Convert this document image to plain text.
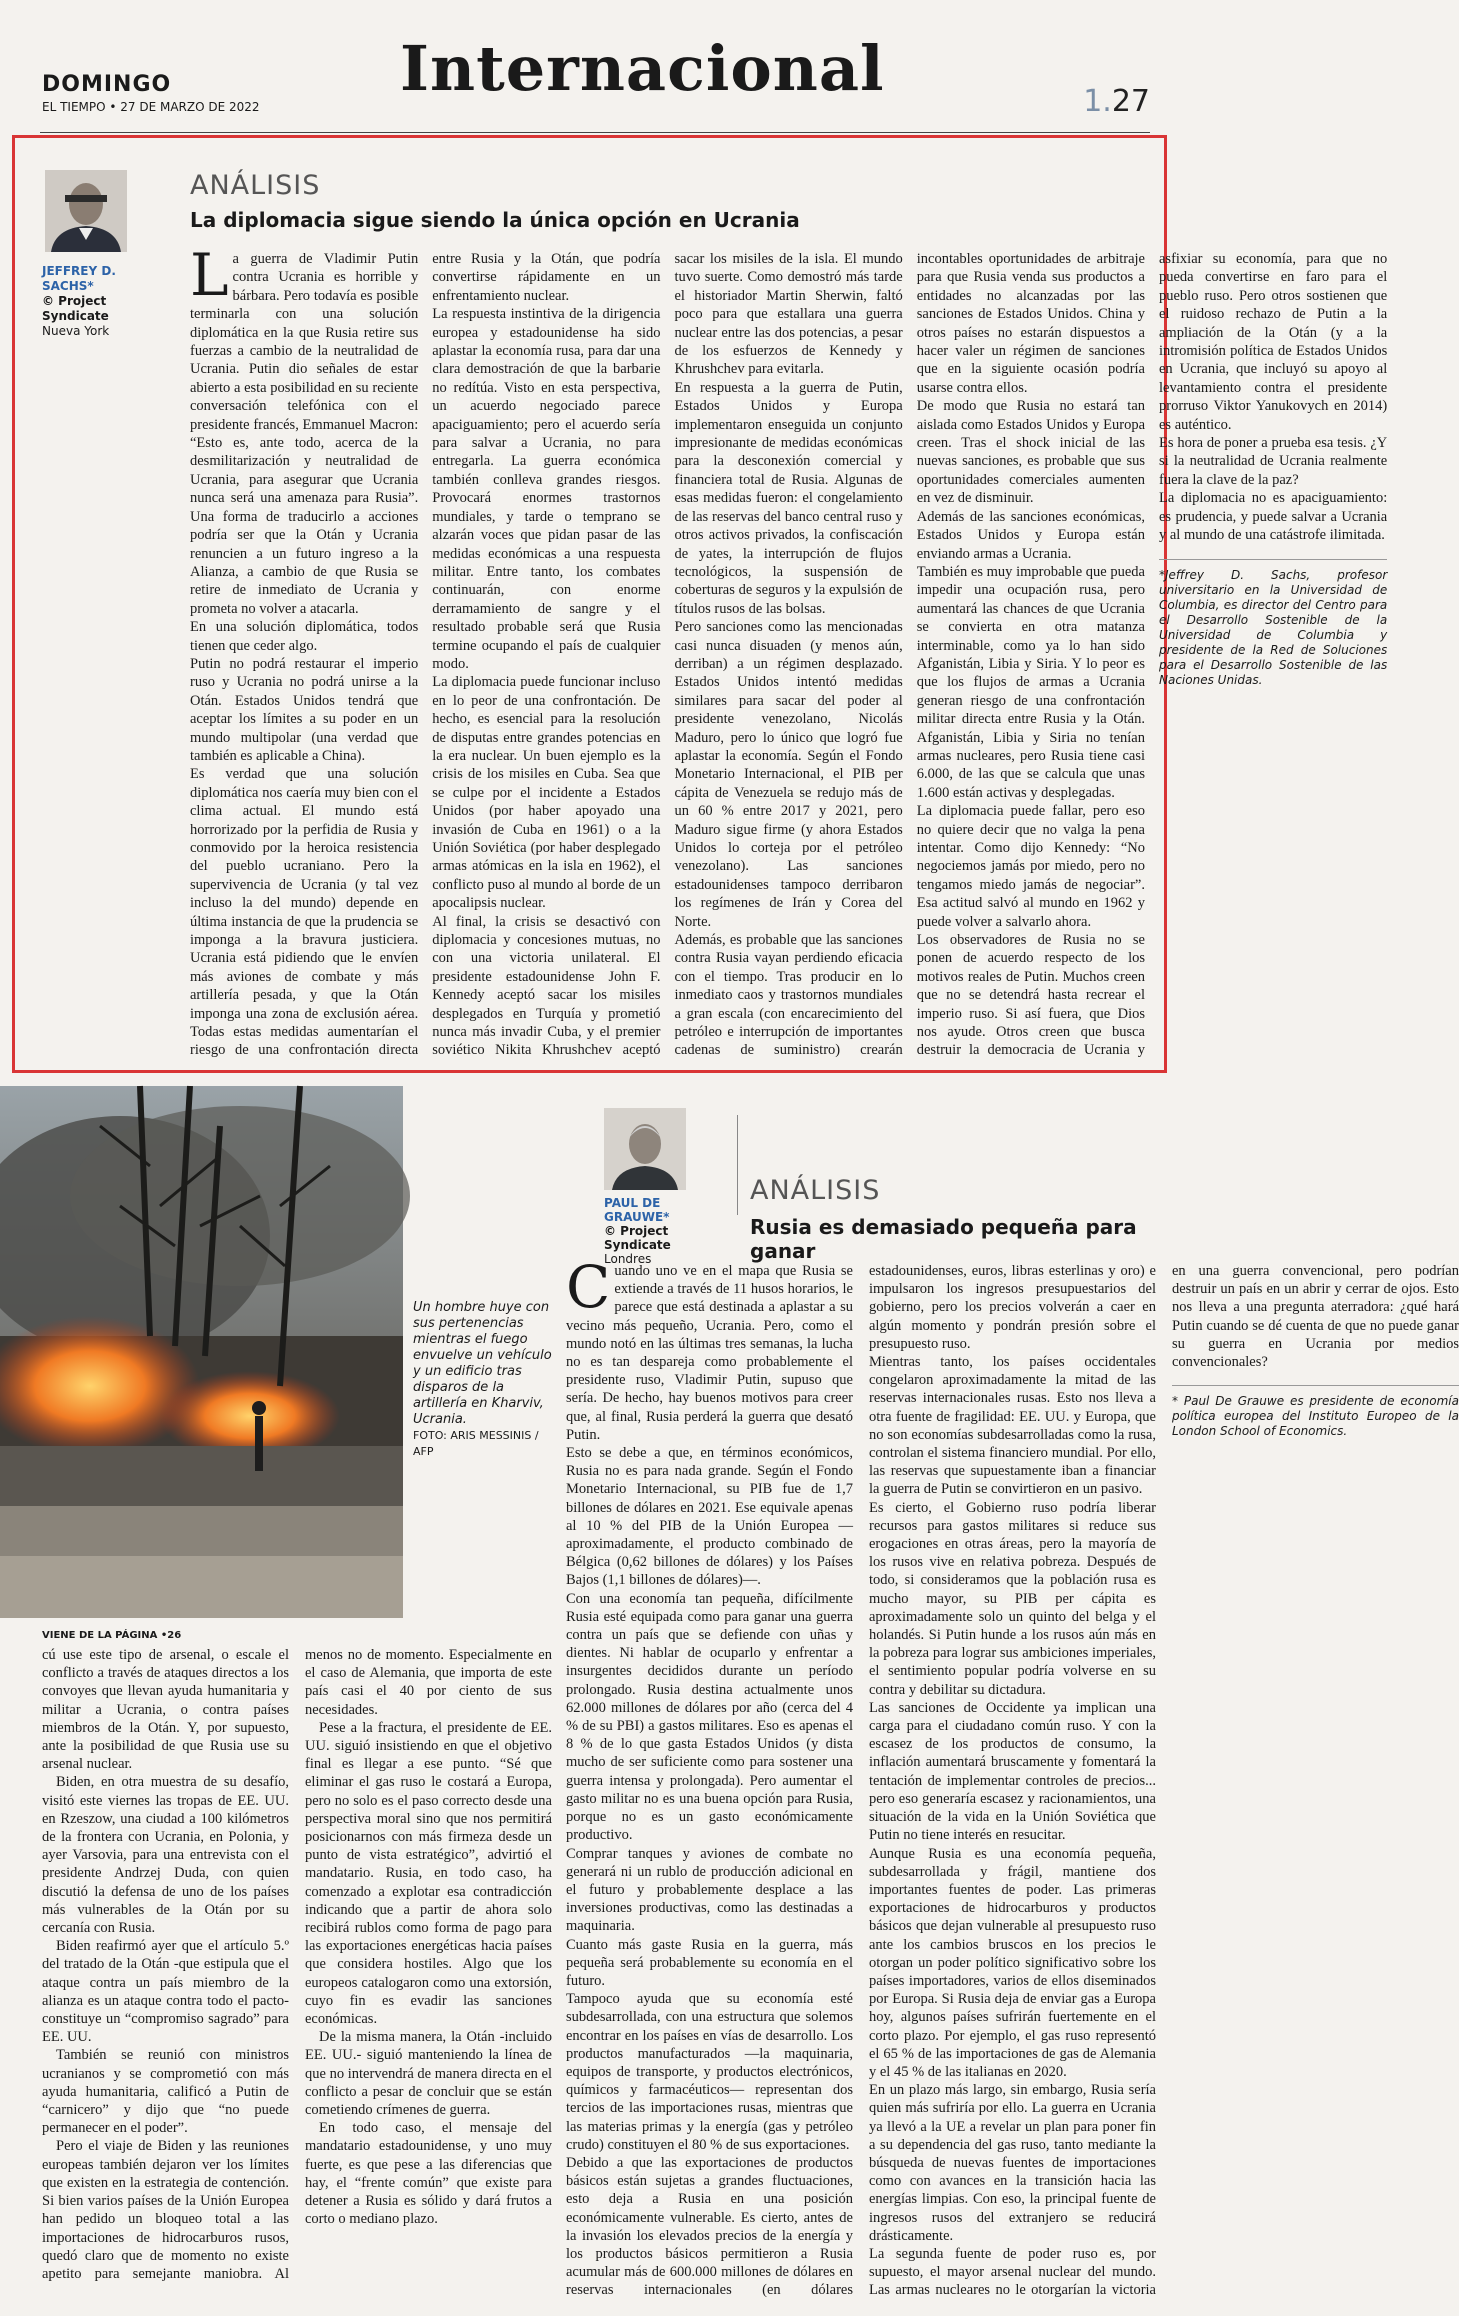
DOMINGO
EL TIEMPO • 27 DE MARZO DE 2022
Internacional	1.27
JEFFREY D. SACHS*
© Project Syndicate
Nueva York
ANÁLISIS
La diplomacia sigue siendo la única opción en Ucrania

La guerra de Vladimir Putin contra Ucrania es horrible y bárbara. Pero todavía es posible terminarla con una solución diplomática en la que Rusia retire sus fuerzas a cambio de la neutralidad de Ucrania. Putin dio señales de estar abierto a esta posibilidad en su reciente conversación telefónica con el presidente francés, Emmanuel Macron: “Esto es, ante todo, acerca de la desmilitarización y neutralidad de Ucrania, para asegurar que Ucrania nunca será una amenaza para Rusia”. Una forma de traducirlo a acciones podría ser que la Otán y Ucrania renuncien a un futuro ingreso a la Alianza, a cambio de que Rusia se retire de inmediato de Ucrania y prometa no volver a atacarla.

En una solución diplomática, todos tienen que ceder algo.

Putin no podrá restaurar el imperio ruso y Ucrania no podrá unirse a la Otán. Estados Unidos tendrá que aceptar los límites a su poder en un mundo multipolar (una verdad que también es aplicable a China).

Es verdad que una solución diplomática nos caería muy bien con el clima actual. El mundo está horrorizado por la perfidia de Rusia y conmovido por la heroica resistencia del pueblo ucraniano. Pero la supervivencia de Ucrania (y tal vez incluso la del mundo) depende en última instancia de que la prudencia se imponga a la bravura justiciera. Ucrania está pidiendo que le envíen más aviones de combate y más artillería pesada, y que la Otán imponga una zona de exclusión aérea. Todas estas medidas aumentarían el riesgo de una confrontación directa entre Rusia y la Otán, que podría convertirse rápidamente en un enfrentamiento nuclear.

La respuesta instintiva de la dirigencia europea y estadounidense ha sido aplastar la economía rusa, para dar una clara demostración de que la barbarie no redítúa. Visto en esta perspectiva, un acuerdo negociado parece apaciguamiento; pero el acuerdo sería para salvar a Ucrania, no para entregarla. La guerra económica también conlleva grandes riesgos. Provocará enormes trastornos mundiales, y tarde o temprano se alzarán voces que pidan pasar de las medidas económicas a una respuesta militar. Entre tanto, los combates continuarán, con enorme derramamiento de sangre y el resultado probable será que Rusia termine ocupando el país de cualquier modo.

La diplomacia puede funcionar incluso en lo peor de una confrontación. De hecho, es esencial para la resolución de disputas entre grandes potencias en la era nuclear. Un buen ejemplo es la crisis de los misiles en Cuba. Sea que se culpe por el incidente a Estados Unidos (por haber apoyado una invasión de Cuba en 1961) o a la Unión Soviética (por haber desplegado armas atómicas en la isla en 1962), el conflicto puso al mundo al borde de un apocalipsis nuclear.

Al final, la crisis se desactivó con diplomacia y concesiones mutuas, no con una victoria unilateral. El presidente estadounidense John F. Kennedy aceptó sacar los misiles desplegados en Turquía y prometió nunca más invadir Cuba, y el premier soviético Nikita Khrushchev aceptó sacar los misiles de la isla. El mundo tuvo suerte. Como demostró más tarde el historiador Martin Sherwin, faltó poco para que estallara una guerra nuclear entre las dos potencias, a pesar de los esfuerzos de Kennedy y Khrushchev para evitarla.

En respuesta a la guerra de Putin, Estados Unidos y Europa implementaron enseguida un conjunto impresionante de medidas económicas para la desconexión comercial y financiera total de Rusia. Algunas de esas medidas fueron: el congelamiento de las reservas del banco central ruso y otros activos privados, la confiscación de yates, la interrupción de flujos tecnológicos, la suspensión de coberturas de seguros y la expulsión de títulos rusos de las bolsas.

Pero sanciones como las mencionadas casi nunca disuaden (y menos aún, derriban) a un régimen desplazado. Estados Unidos intentó medidas similares para sacar del poder al presidente venezolano, Nicolás Maduro, pero lo único que logró fue aplastar la economía. Según el Fondo Monetario Internacional, el PIB per cápita de Venezuela se redujo más de un 60 % entre 2017 y 2021, pero Maduro sigue firme (y ahora Estados Unidos lo corteja por el petróleo venezolano). Las sanciones estadounidenses tampoco derribaron los regímenes de Irán y Corea del Norte.

Además, es probable que las sanciones contra Rusia vayan perdiendo eficacia con el tiempo. Tras producir en lo inmediato caos y trastornos mundiales a gran escala (con encarecimiento del petróleo e interrupción de importantes cadenas de suministro) crearán incontables oportunidades de arbitraje para que Rusia venda sus productos a entidades no alcanzadas por las sanciones de Estados Unidos. China y otros países no estarán dispuestos a hacer valer un régimen de sanciones que en la siguiente ocasión podría usarse contra ellos.

De modo que Rusia no estará tan aislada como Estados Unidos y Europa creen. Tras el shock inicial de las nuevas sanciones, es probable que sus oportunidades comerciales aumenten en vez de disminuir.

Además de las sanciones económicas, Estados Unidos y Europa están enviando armas a Ucrania.

También es muy improbable que pueda impedir una ocupación rusa, pero aumentará las chances de que Ucrania se convierta en otra matanza interminable, como ya lo han sido Afganistán, Libia y Siria. Y lo peor es que los flujos de armas a Ucrania generan riesgo de una confrontación militar directa entre Rusia y la Otán. Afganistán, Libia y Siria no tenían armas nucleares, pero Rusia tiene casi 6.000, de las que se calcula que unas 1.600 están activas y desplegadas.

La diplomacia puede fallar, pero eso no quiere decir que no valga la pena intentar. Como dijo Kennedy: “No negociemos jamás por miedo, pero no tengamos miedo jamás de negociar”. Esa actitud salvó al mundo en 1962 y puede volver a salvarlo ahora.

Los observadores de Rusia no se ponen de acuerdo respecto de los motivos reales de Putin. Muchos creen que no se detendrá hasta recrear el imperio ruso. Si así fuera, que Dios nos ayude. Otros creen que busca destruir la democracia de Ucrania y asfixiar su economía, para que no pueda convertirse en faro para el pueblo ruso. Pero otros sostienen que el ruidoso rechazo de Putin a la ampliación de la Otán (y a la intromisión política de Estados Unidos en Ucrania, que incluyó su apoyo al levantamiento contra el presidente prorruso Viktor Yanukovych en 2014) es auténtico.

Es hora de poner a prueba esa tesis. ¿Y si la neutralidad de Ucrania realmente fuera la clave de la paz?

La diplomacia no es apaciguamiento: es prudencia, y puede salvar a Ucrania y al mundo de una catástrofe ilimitada.

*Jeffrey D. Sachs, profesor universitario en la Universidad de Columbia, es director del Centro para el Desarrollo Sostenible de la Universidad de Columbia y presidente de la Red de Soluciones para el Desarrollo Sostenible de las Naciones Unidas.

Un hombre huye con sus pertenencias mientras el fuego envuelve un vehículo y un edificio tras disparos de la artillería en Kharviv, Ucrania.
FOTO: ARIS MESSINIS / AFP
PAUL DE GRAUWE*
© Project Syndicate
Londres
ANÁLISIS
Rusia es demasiado pequeña para ganar

Cuando uno ve en el mapa que Rusia se extiende a través de 11 husos horarios, le parece que está destinada a aplastar a su vecino más pequeño, Ucrania. Pero, como el mundo notó en las últimas tres semanas, la lucha no es tan despareja como probablemente el presidente ruso, Vladimir Putin, supuso que sería. De hecho, hay buenos motivos para creer que, al final, Rusia perderá la guerra que desató Putin.

Esto se debe a que, en términos económicos, Rusia no es para nada grande. Según el Fondo Monetario Internacional, su PIB fue de 1,7 billones de dólares en 2021. Ese equivale apenas al 10 % del PIB de la Unión Europea —aproximadamente, el producto combinado de Bélgica (0,62 billones de dólares) y los Países Bajos (1,1 billones de dólares)—.

Con una economía tan pequeña, difícilmente Rusia esté equipada como para ganar una guerra contra un país que se defiende con uñas y dientes. Ni hablar de ocuparlo y enfrentar a insurgentes decididos durante un período prolongado. Rusia destina actualmente unos 62.000 millones de dólares por año (cerca del 4 % de su PBI) a gastos militares. Eso es apenas el 8 % de lo que gasta Estados Unidos (y dista mucho de ser suficiente como para sostener una guerra intensa y prolongada). Pero aumentar el gasto militar no es una buena opción para Rusia, porque no es un gasto económicamente productivo.

Comprar tanques y aviones de combate no generará ni un rublo de producción adicional en el futuro y probablemente desplace a las inversiones productivas, como las destinadas a maquinaria.

Cuanto más gaste Rusia en la guerra, más pequeña será probablemente su economía en el futuro.

Tampoco ayuda que su economía esté subdesarrollada, con una estructura que solemos encontrar en los países en vías de desarrollo. Los productos manufacturados —la maquinaria, equipos de transporte, y productos electrónicos, químicos y farmacéuticos— representan dos tercios de las importaciones rusas, mientras que las materias primas y la energía (gas y petróleo crudo) constituyen el 80 % de sus exportaciones.

Debido a que las exportaciones de productos básicos están sujetas a grandes fluctuaciones, esto deja a Rusia en una posición económicamente vulnerable. Es cierto, antes de la invasión los elevados precios de la energía y los productos básicos permitieron a Rusia acumular más de 600.000 millones de dólares en reservas internacionales (en dólares estadounidenses, euros, libras esterlinas y oro) e impulsaron los ingresos presupuestarios del gobierno, pero los precios volverán a caer en algún momento y pondrán presión sobre el presupuesto ruso.

Mientras tanto, los países occidentales congelaron aproximadamente la mitad de las reservas internacionales rusas. Esto nos lleva a otra fuente de fragilidad: EE. UU. y Europa, que no son economías subdesarrolladas como la rusa, controlan el sistema financiero mundial. Por ello, las reservas que supuestamente iban a financiar la guerra de Putin se convirtieron en un pasivo.

Es cierto, el Gobierno ruso podría liberar recursos para gastos militares si reduce sus erogaciones en otras áreas, pero la mayoría de los rusos vive en relativa pobreza. Después de todo, si consideramos que la población rusa es mucho mayor, su PIB per cápita es aproximadamente solo un quinto del belga y el holandés. Si Putin hunde a los rusos aún más en la pobreza para lograr sus ambiciones imperiales, el sentimiento popular podría volverse en su contra y debilitar su dictadura.

Las sanciones de Occidente ya implican una carga para el ciudadano común ruso. Y con la escasez de los productos de consumo, la inflación aumentará bruscamente y fomentará la tentación de implementar controles de precios... pero eso generaría escasez y racionamientos, una situación de la vida en la Unión Soviética que Putin no tiene interés en resucitar.

Aunque Rusia es una economía pequeña, subdesarrollada y frágil, mantiene dos importantes fuentes de poder. Las primeras exportaciones de hidrocarburos y productos básicos que dejan vulnerable al presupuesto ruso ante los cambios bruscos en los precios le otorgan un poder político significativo sobre los países importadores, varios de ellos diseminados por Europa. Si Rusia deja de enviar gas a Europa hoy, algunos países sufrirán fuertemente en el corto plazo. Por ejemplo, el gas ruso representó el 65 % de las importaciones de gas de Alemania y el 45 % de las italianas en 2020.

En un plazo más largo, sin embargo, Rusia sería quien más sufriría por ello. La guerra en Ucrania ya llevó a la UE a revelar un plan para poner fin a su dependencia del gas ruso, tanto mediante la búsqueda de nuevas fuentes de importaciones como con avances en la transición hacia las energías limpias. Con eso, la principal fuente de ingresos rusos del extranjero se reducirá drásticamente.

La segunda fuente de poder ruso es, por supuesto, el mayor arsenal nuclear del mundo. Las armas nucleares no le otorgarían la victoria en una guerra convencional, pero podrían destruir un país en un abrir y cerrar de ojos. Esto nos lleva a una pregunta aterradora: ¿qué hará Putin cuando se dé cuenta de que no puede ganar su guerra en Ucrania por medios convencionales?

* Paul De Grauwe es presidente de economía política europea del Instituto Europeo de la London School of Economics.

VIENE DE LA PÁGINA •26

cú use este tipo de arsenal, o escale el conflicto a través de ataques directos a los convoyes que llevan ayuda humanitaria y militar a Ucrania, o contra países miembros de la Otán. Y, por supuesto, ante la posibilidad de que Rusia use su arsenal nuclear.

Biden, en otra muestra de su desafío, visitó este viernes las tropas de EE. UU. en Rzeszow, una ciudad a 100 kilómetros de la frontera con Ucrania, en Polonia, y ayer Varsovia, para una entrevista con el presidente Andrzej Duda, con quien discutió la defensa de uno de los países más vulnerables de la Otán por su cercanía con Rusia.

Biden reafirmó ayer que el artículo 5.º del tratado de la Otán -que estipula que el ataque contra un país miembro de la alianza es un ataque contra todo el pacto- constituye un “compromiso sagrado” para EE. UU.

También se reunió con ministros ucranianos y se comprometió con más ayuda humanitaria, calificó a Putin de “carnicero” y dijo que “no puede permanecer en el poder”.

Pero el viaje de Biden y las reuniones europeas también dejaron ver los límites que existen en la estrategia de contención. Si bien varios países de la Unión Europea han pedido un bloqueo total a las importaciones de hidrocarburos rusos, quedó claro que de momento no existe apetito para semejante maniobra. Al menos no de momento. Especialmente en el caso de Alemania, que importa de este país casi el 40 por ciento de sus necesidades.

Pese a la fractura, el presidente de EE. UU. siguió insistiendo en que el objetivo final es llegar a ese punto. “Sé que eliminar el gas ruso le costará a Europa, pero no solo es el paso correcto desde una perspectiva moral sino que nos permitirá posicionarnos con más firmeza desde un punto de vista estratégico”, advirtió el mandatario. Rusia, en todo caso, ha comenzado a explotar esa contradicción indicando que a partir de ahora solo recibirá rublos como forma de pago para las exportaciones energéticas hacia países que considera hostiles. Algo que los europeos catalogaron como una extorsión, cuyo fin es evadir las sanciones económicas.

De la misma manera, la Otán -incluido EE. UU.- siguió manteniendo la línea de que no intervendrá de manera directa en el conflicto a pesar de concluir que se están cometiendo crímenes de guerra.

En todo caso, el mensaje del mandatario estadounidense, y uno muy fuerte, es que pese a las diferencias que hay, el “frente común” que existe para detener a Rusia es sólido y dará frutos a corto o mediano plazo.
